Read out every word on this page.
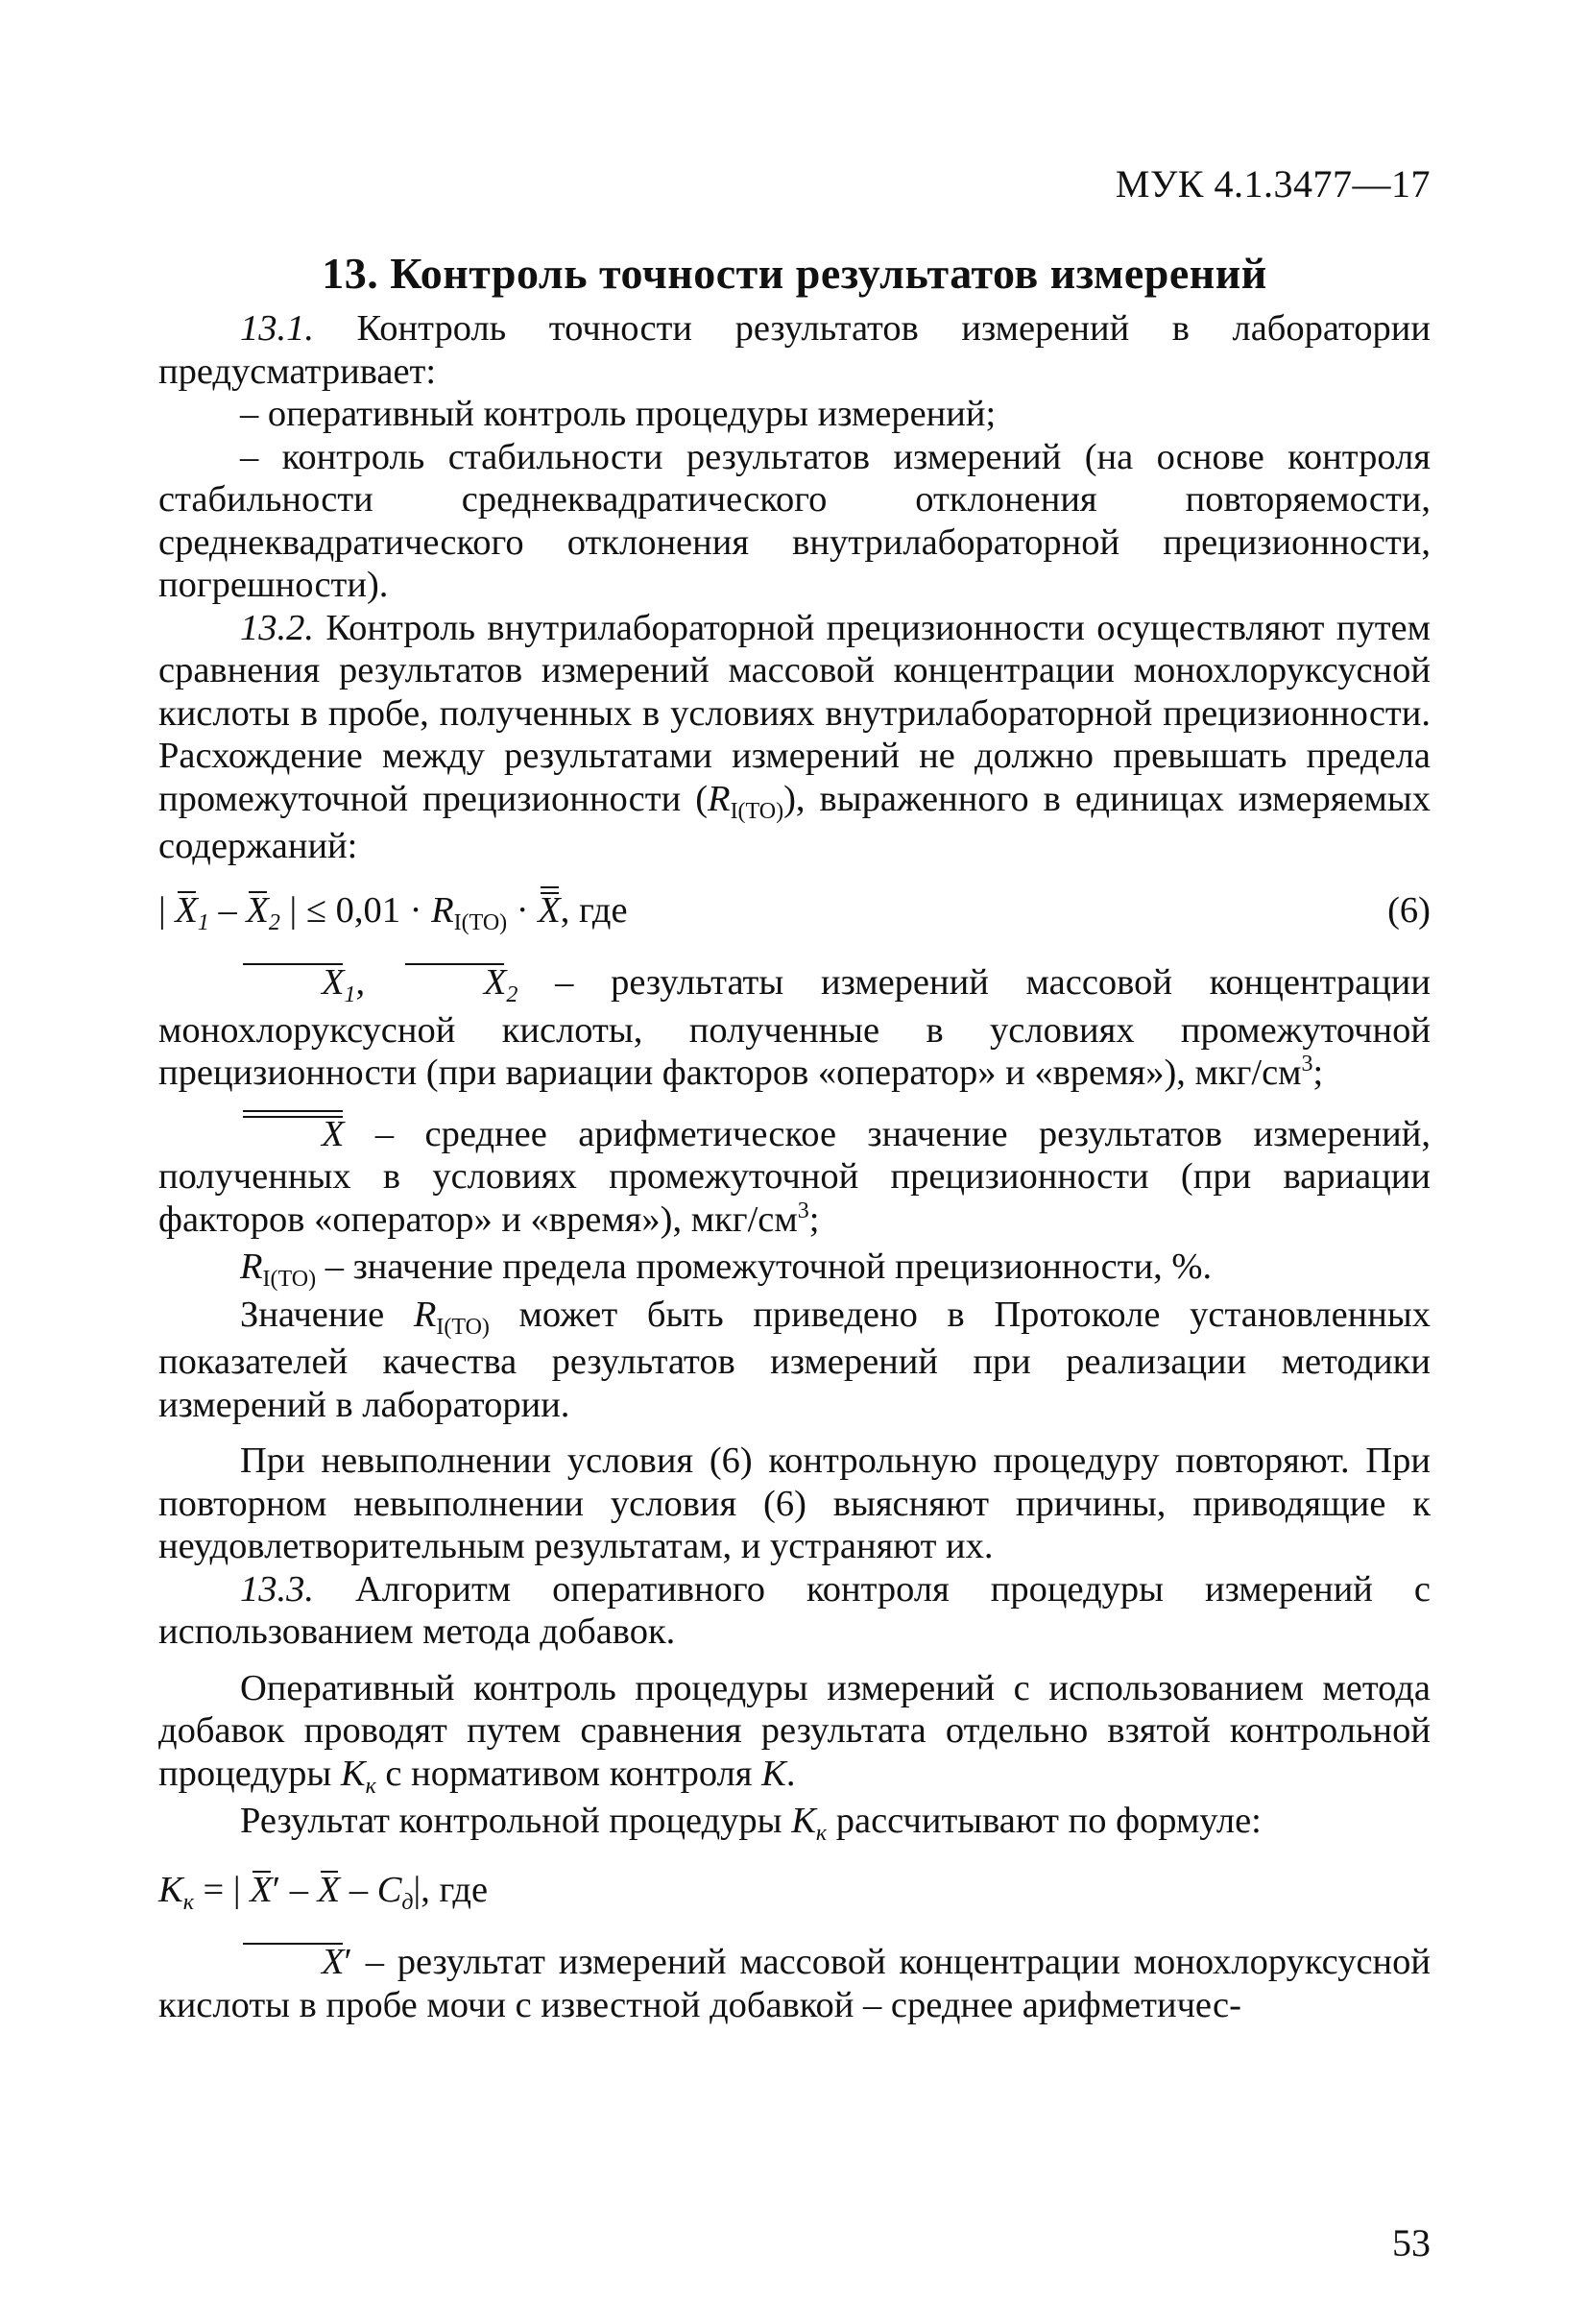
МУК 4.1.3477—17
13. Контроль точности результатов измерений

13.1. Контроль точности результатов измерений в лаборатории предусматривает:

– оперативный контроль процедуры измерений;

– контроль стабильности результатов измерений (на основе контроля стабильности среднеквадратического отклонения повторяемости, среднеквадратического отклонения внутрилабораторной прецизионности, погрешности).

13.2. Контроль внутрилабораторной прецизионности осуществляют путем сравнения результатов измерений массовой концентрации монохлоруксусной кислоты в пробе, полученных в условиях внутрилабораторной прецизионности. Расхождение между результатами измерений не должно превышать предела промежуточной прецизионности $(R_{I(TO)})$, выраженного в единицах измеряемых содержаний:

| $X_1 - X_2$ | ≤ $0,01 \cdot R_{I(TO)} \cdot X$, где	(6)

$X_1$, $X_2$ – результаты измерений массовой концентрации монохлоруксусной кислоты, полученные в условиях промежуточной прецизионности (при вариации факторов «оператор» и «время»), мкг/$см^3$;

X – среднее арифметическое значение результатов измерений, полученных в условиях промежуточной прецизионности (при вариации факторов «оператор» и «время»), мкг/$см^3$;

$R_{I(TO)}$ – значение предела промежуточной прецизионности, %.

Значение $R_{I(TO)}$ может быть приведено в Протоколе установленных показателей качества результатов измерений при реализации методики измерений в лаборатории.

При невыполнении условия (6) контрольную процедуру повторяют. При повторном невыполнении условия (6) выясняют причины, приводящие к неудовлетворительным результатам, и устраняют их.

13.3. Алгоритм оперативного контроля процедуры измерений с использованием метода добавок.

Оперативный контроль процедуры измерений с использованием метода добавок проводят путем сравнения результата отдельно взятой контрольной процедуры $K_к$ с нормативом контроля K.

Результат контрольной процедуры $K_к$ рассчитывают по формуле:

$K_к$ = | X′ – X – $C_д|$, где

X′ – результат измерений массовой концентрации монохлоруксусной кислоты в пробе мочи с известной добавкой – среднее арифметичес-

53
